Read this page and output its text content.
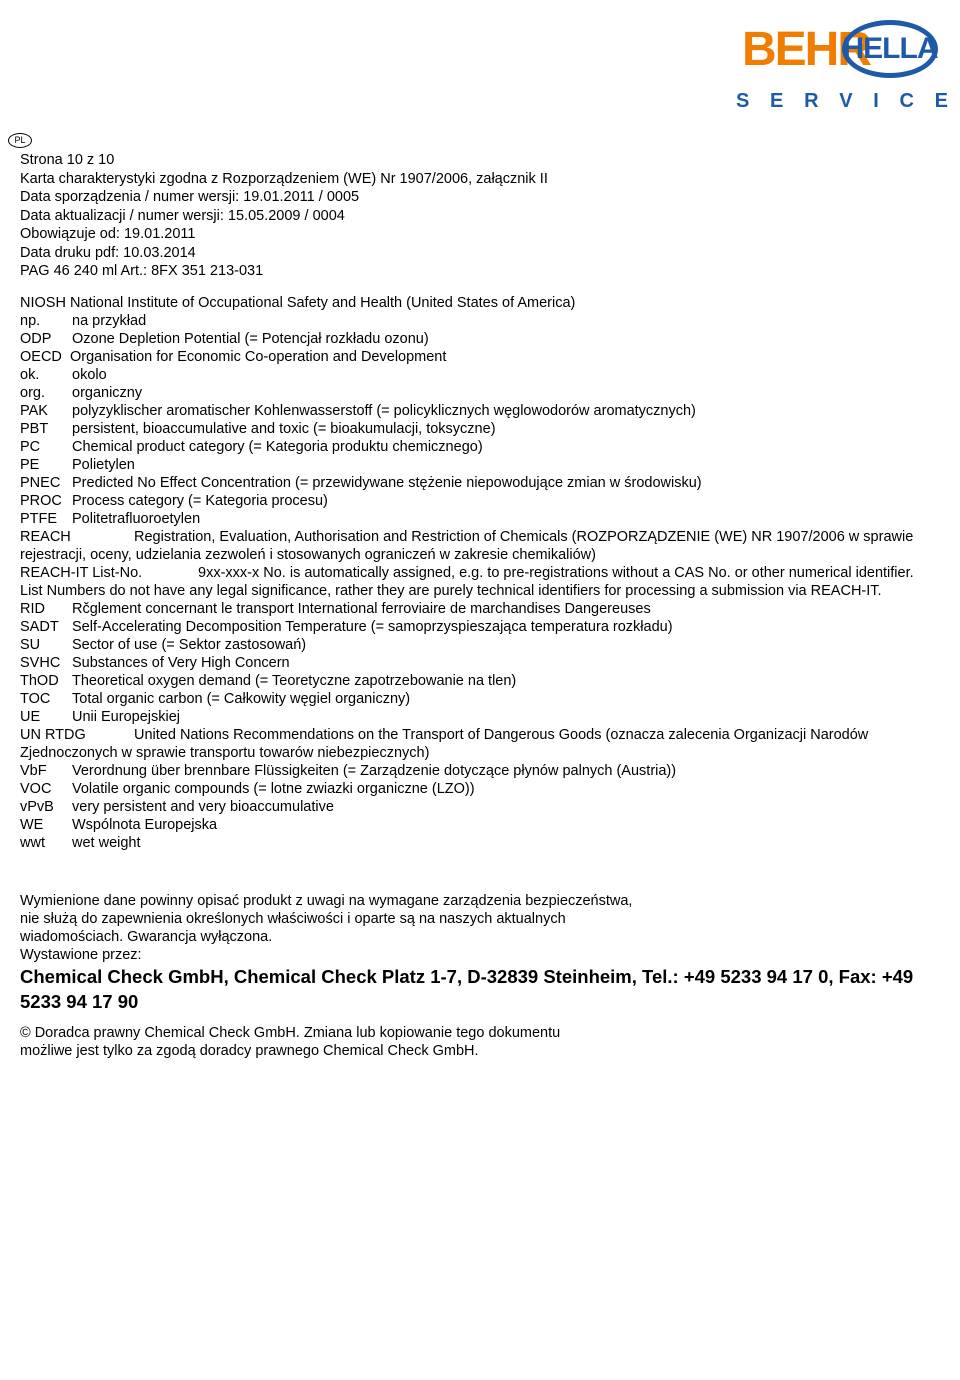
BEHR
HELLA
S E R V I C E
PL
Strona 10 z 10
Karta charakterystyki zgodna z Rozporządzeniem (WE) Nr 1907/2006, załącznik II
Data sporządzenia / numer wersji: 19.01.2011 / 0005
Data aktualizacji / numer wersji: 15.05.2009 / 0004
Obowiązuje od: 19.01.2011
Data druku pdf: 10.03.2014
PAG 46 240 ml Art.: 8FX 351 213-031
NIOSH National Institute of Occupational Safety and Health (United States of America)
np.	na przykład
ODP	Ozone Depletion Potential (= Potencjał rozkładu ozonu)
OECD Organisation for Economic Co-operation and Development
ok.	okolo
org.	organiczny
PAK	polyzyklischer aromatischer Kohlenwasserstoff (= policyklicznych węglowodorów aromatycznych)
PBT	persistent, bioaccumulative and toxic (= bioakumulacji, toksyczne)
PC	Chemical product category (= Kategoria produktu chemicznego)
PE	Polietylen
PNEC Predicted No Effect Concentration (= przewidywane stężenie niepowodujące zmian w środowisku)
PROC Process category (= Kategoria procesu)
PTFE	Politetrafluoroetylen
REACH	Registration, Evaluation, Authorisation and Restriction of Chemicals (ROZPORZĄDZENIE (WE) NR 1907/2006 w sprawie rejestracji, oceny, udzielania zezwoleń i stosowanych ograniczeń w zakresie chemikaliów)
REACH-IT List-No.	9xx-xxx-x No. is automatically assigned, e.g. to pre-registrations without a CAS No. or other numerical identifier. List Numbers do not have any legal significance, rather they are purely technical identifiers for processing a submission via REACH-IT.
RID	Rčglement concernant le transport International ferroviaire de marchandises Dangereuses
SADT Self-Accelerating Decomposition Temperature (= samoprzyspieszająca temperatura rozkładu)
SU	Sector of use (= Sektor zastosowań)
SVHC Substances of Very High Concern
ThOD Theoretical oxygen demand (= Teoretyczne zapotrzebowanie na tlen)
TOC	Total organic carbon (= Całkowity węgiel organiczny)
UE	Unii Europejskiej
UN RTDG	United Nations Recommendations on the Transport of Dangerous Goods (oznacza zalecenia Organizacji Narodów Zjednoczonych w sprawie transportu towarów niebezpiecznych)
VbF	Verordnung über brennbare Flüssigkeiten (= Zarządzenie dotyczące płynów palnych (Austria))
VOC	Volatile organic compounds (= lotne zwiazki organiczne (LZO))
vPvB	very persistent and very bioaccumulative
WE	Wspólnota Europejska
wwt	wet weight
Wymienione dane powinny opisać produkt z uwagi na wymagane zarządzenia bezpieczeństwa,
nie służą do zapewnienia określonych właściwości i oparte są na naszych aktualnych
wiadomościach. Gwarancja wyłączona.
Wystawione przez:
Chemical Check GmbH, Chemical Check Platz 1-7, D-32839 Steinheim, Tel.: +49 5233 94 17 0, Fax: +49 5233 94 17 90
© Doradca prawny Chemical Check GmbH. Zmiana lub kopiowanie tego dokumentu
możliwe jest tylko za zgodą doradcy prawnego Chemical Check GmbH.
